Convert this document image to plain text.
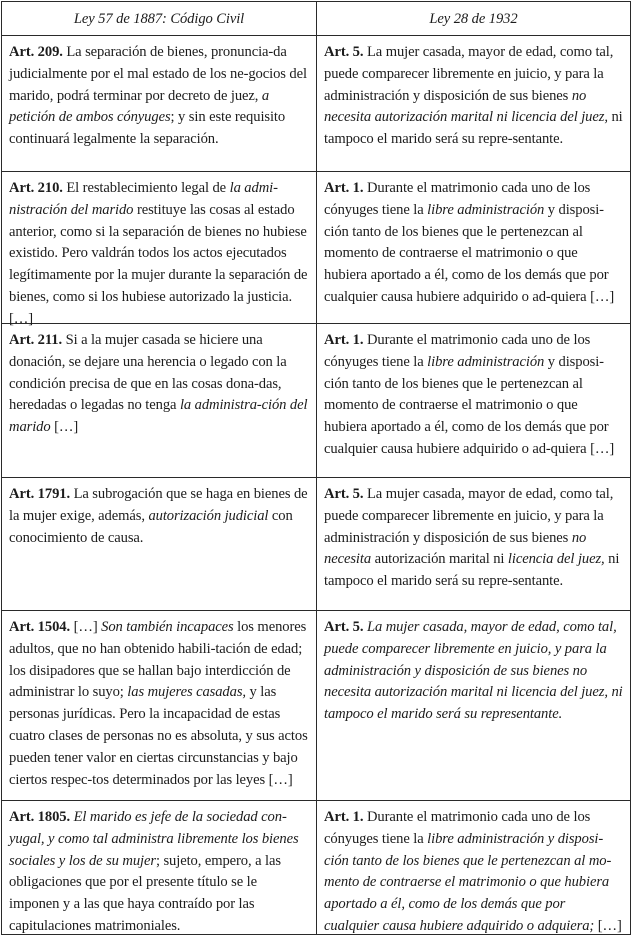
Ley 57 de 1887: Código Civil	Ley 28 de 1932
Art. 209. La separación de bienes, pronuncia-da judicialmente por el mal estado de los ne-gocios del marido, podrá terminar por decreto de juez, a petición de ambos cónyuges; y sin este requisito continuará legalmente la separación.
Art. 5. La mujer casada, mayor de edad, como tal, puede comparecer libremente en juicio, y para la administración y disposición de sus bienes no necesita autorización marital ni licencia del juez, ni tampoco el marido será su repre-sentante.
Art. 210. El restablecimiento legal de la admi-nistración del marido restituye las cosas al estado anterior, como si la separación de bienes no hubiese existido. Pero valdrán todos los actos ejecutados legítimamente por la mujer durante la separación de bienes, como si los hubiese autorizado la justicia. […]
Art. 1. Durante el matrimonio cada uno de los cónyuges tiene la libre administración y disposi-ción tanto de los bienes que le pertenezcan al momento de contraerse el matrimonio o que hubiera aportado a él, como de los demás que por cualquier causa hubiere adquirido o ad-quiera […]
Art. 211. Si a la mujer casada se hiciere una donación, se dejare una herencia o legado con la condición precisa de que en las cosas dona-das, heredadas o legadas no tenga la administra-ción del marido […]
Art. 1. Durante el matrimonio cada uno de los cónyuges tiene la libre administración y disposi-ción tanto de los bienes que le pertenezcan al momento de contraerse el matrimonio o que hubiera aportado a él, como de los demás que por cualquier causa hubiere adquirido o ad-quiera […]
Art. 1791. La subrogación que se haga en bienes de la mujer exige, además, autorización judicial con conocimiento de causa.
Art. 5. La mujer casada, mayor de edad, como tal, puede comparecer libremente en juicio, y para la administración y disposición de sus bienes no necesita autorización marital ni licencia del juez, ni tampoco el marido será su repre-sentante.
Art. 1504. […] Son también incapaces los menores adultos, que no han obtenido habili-tación de edad; los disipadores que se hallan bajo interdicción de administrar lo suyo; las mujeres casadas, y las personas jurídicas. Pero la incapacidad de estas cuatro clases de personas no es absoluta, y sus actos pueden tener valor en ciertas circunstancias y bajo ciertos respec-tos determinados por las leyes […]
Art. 5. La mujer casada, mayor de edad, como tal, puede comparecer libremente en juicio, y para la administración y disposición de sus bienes no necesita autorización marital ni licencia del juez, ni tampoco el marido será su representante.
Art. 1805. El marido es jefe de la sociedad con-yugal, y como tal administra libremente los bienes sociales y los de su mujer; sujeto, empero, a las obligaciones que por el presente título se le imponen y a las que haya contraído por las capitulaciones matrimoniales.
Art. 1. Durante el matrimonio cada uno de los cónyuges tiene la libre administración y disposi-ción tanto de los bienes que le pertenezcan al mo-mento de contraerse el matrimonio o que hubiera aportado a él, como de los demás que por cualquier causa hubiere adquirido o adquiera; […]
